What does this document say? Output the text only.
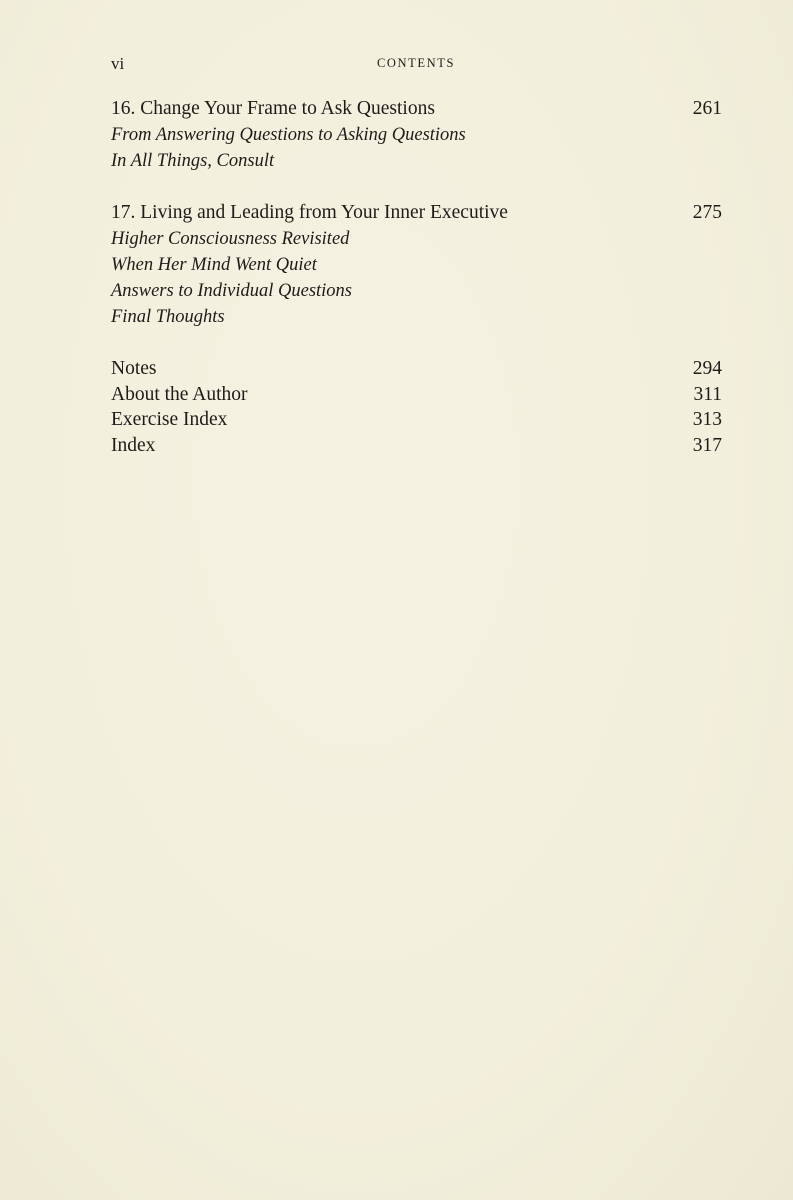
vi	CONTENTS
16. Change Your Frame to Ask Questions	261
From Answering Questions to Asking Questions
In All Things, Consult
17. Living and Leading from Your Inner Executive	275
Higher Consciousness Revisited
When Her Mind Went Quiet
Answers to Individual Questions
Final Thoughts
Notes	294
About the Author	311
Exercise Index	313
Index	317
